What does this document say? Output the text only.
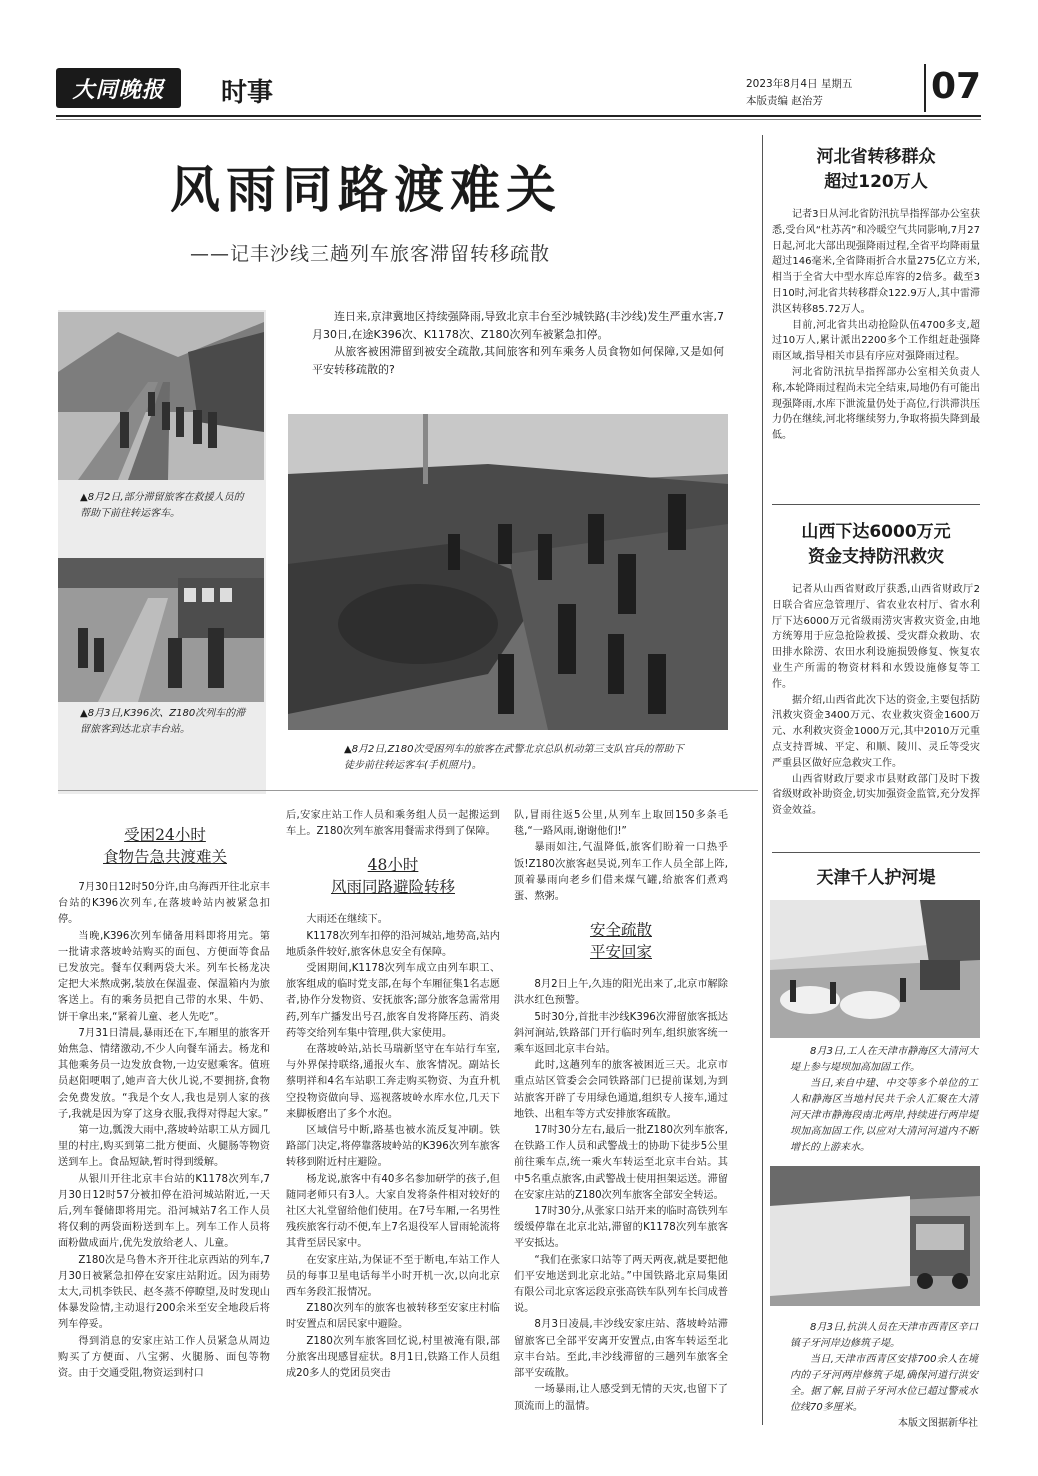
大同晚报 时事	2023年8月4日 星期五
本版责编 赵治芳	07
风雨同路渡难关
——记丰沙线三趟列车旅客滞留转移疏散

连日来,京津冀地区持续强降雨,导致北京丰台至沙城铁路(丰沙线)发生严重水害,7月30日,在途K396次、K1178次、Z180次列车被紧急扣停。

从旅客被困滞留到被安全疏散,其间旅客和列车乘务人员食物如何保障,又是如何平安转移疏散的?

▲8月2日,部分滞留旅客在救援人员的帮助下前往转运客车。
▲8月3日,K396次、Z180次列车的滞留旅客到达北京丰台站。
▲8月2日,Z180次受困列车的旅客在武警北京总队机动第三支队官兵的帮助下徒步前往转运客车(手机照片)。
受困24小时
食物告急共渡难关

7月30日12时50分许,由乌海西开往北京丰台站的K396次列车,在落坡岭站内被紧急扣停。

当晚,K396次列车储备用料即将用完。第一批请求落坡岭站购买的面包、方便面等食品已发放完。餐车仅剩两袋大米。列车长杨龙决定把大米熬成粥,装放在保温壶、保温箱内为旅客送上。有的乘务员把自己带的水果、牛奶、饼干拿出来,“紧着儿童、老人先吃”。

7月31日清晨,暴雨还在下,车厢里的旅客开始焦急、情绪激动,不少人向餐车涌去。杨龙和其他乘务员一边发放食物,一边安慰乘客。值班员赵阳哽咽了,她声音大伙儿说,不要拥挤,食物会免费发放。“我是个女人,我也是别人家的孩子,我就是因为穿了这身衣服,我得对得起大家。”

第一边,瓢泼大雨中,落坡岭站职工从方圆几里的村庄,购买到第二批方便面、火腿肠等物资送到车上。食品短缺,暂时得到缓解。

从银川开往北京丰台站的K1178次列车,7月30日12时57分被扣停在沿河城站附近,一天后,列车餐储即将用完。沿河城站7名工作人员将仅剩的两袋面粉送到车上。列车工作人员将面粉做成面片,优先发放给老人、儿童。

Z180次是乌鲁木齐开往北京西站的列车,7月30日被紧急扣停在安家庄站附近。因为雨势太大,司机李铁民、赵冬蒸不停瞭望,及时发现山体暴发险情,主动退行200余米至安全地段后将列车停妥。

得到消息的安家庄站工作人员紧急从周边购买了方便面、八宝粥、火腿肠、面包等物资。由于交通受阻,物资运到村口

后,安家庄站工作人员和乘务组人员一起搬运到车上。Z180次列车旅客用餐需求得到了保障。

48小时
风雨同路避险转移

大雨还在继续下。

K1178次列车扣停的沿河城站,地势高,站内地质条件较好,旅客休息安全有保障。

受困期间,K1178次列车成立由列车职工、旅客组成的临时党支部,在每个车厢征集1名志愿者,协作分发物资、安抚旅客;部分旅客急需常用药,列车广播发出号召,旅客自发将降压药、消炎药等交给列车集中管理,供大家使用。

在落坡岭站,站长马瑞新坚守在车站行车室,与外界保持联络,通报火车、旅客情况。副站长蔡明祥和4名车站职工奔走购买物资、为直升机空投物资做向导、巡视落坡岭水库水位,几天下来脚板磨出了多个水泡。

区域信号中断,路基也被水流反复冲刷。铁路部门决定,将停靠落坡岭站的K396次列车旅客转移到附近村庄避险。

杨龙说,旅客中有40多名参加研学的孩子,但随同老师只有3人。大家自发将条件相对较好的社区大礼堂留给他们使用。在7号车厢,一名男性残疾旅客行动不便,车上7名退役军人冒雨轮流将其背至居民家中。

在安家庄站,为保证不至于断电,车站工作人员的每事卫星电话每半小时开机一次,以向北京西车务段汇报情况。

Z180次列车的旅客也被转移至安家庄村临时安置点和居民家中避险。

Z180次列车旅客回忆说,村里被淹有限,部分旅客出现感冒症状。8月1日,铁路工作人员组成20多人的党团员突击

队,冒雨往返5公里,从列车上取回150多条毛毯,“一路风雨,谢谢他们!”

暴雨如注,气温降低,旅客们盼着一口热乎饭!Z180次旅客赵昊说,列车工作人员全部上阵,顶着暴雨向老乡们借来煤气罐,给旅客们煮鸡蛋、熬粥。

安全疏散
平安回家

8月2日上午,久违的阳光出来了,北京市解除洪水红色预警。

5时30分,首批丰沙线K396次滞留旅客抵达斜河涧站,铁路部门开行临时列车,组织旅客统一乘车返回北京丰台站。

此时,这趟列车的旅客被困近三天。北京市重点站区管委会会同铁路部门已提前谋划,为到站旅客开辟了专用绿色通道,组织专人接车,通过地铁、出租车等方式安排旅客疏散。

17时30分左右,最后一批Z180次列车旅客,在铁路工作人员和武警战士的协助下徒步5公里前往乘车点,统一乘火车转运至北京丰台站。其中5名重点旅客,由武警战士使用担架运送。滞留在安家庄站的Z180次列车旅客全部安全转运。

17时30分,从张家口站开来的临时高铁列车缓缓停靠在北京北站,滞留的K1178次列车旅客平安抵达。

“我们在张家口站等了两天两夜,就是要把他们平安地送到北京北站。”中国铁路北京局集团有限公司北京客运段京张高铁车队列车长闫成普说。

8月3日凌晨,丰沙线安家庄站、落坡岭站滞留旅客已全部平安离开安置点,由客车转运至北京丰台站。至此,丰沙线滞留的三趟列车旅客全部平安疏散。

一场暴雨,让人感受到无情的天灾,也留下了顶流而上的温情。

河北省转移群众
超过120万人

记者3日从河北省防汛抗旱指挥部办公室获悉,受台风“杜苏芮”和冷暖空气共同影响,7月27日起,河北大部出现强降雨过程,全省平均降雨量超过146毫米,全省降雨折合水量275亿立方米,相当于全省大中型水库总库容的2倍多。截至3日10时,河北省共转移群众122.9万人,其中雷滞洪区转移85.72万人。

目前,河北省共出动抢险队伍4700多支,超过10万人,累计派出2200多个工作组赶赴强降雨区域,指导相关市县有序应对强降雨过程。

河北省防汛抗旱指挥部办公室相关负责人称,本轮降雨过程尚未完全结束,局地仍有可能出现强降雨,水库下泄流量仍处于高位,行洪滞洪压力仍在继续,河北将继续努力,争取将损失降到最低。

山西下达6000万元
资金支持防汛救灾

记者从山西省财政厅获悉,山西省财政厅2日联合省应急管理厅、省农业农村厅、省水利厅下达6000万元省级雨涝灾害救灾资金,由地方统筹用于应急抢险救援、受灾群众救助、农田排水除涝、农田水利设施损毁修复、恢复农业生产所需的物资材料和水毁设施修复等工作。

据介绍,山西省此次下达的资金,主要包括防汛救灾资金3400万元、农业救灾资金1600万元、水利救灾资金1000万元,其中2010万元重点支持晋城、平定、和顺、陵川、灵丘等受灾严重县区做好应急救灾工作。

山西省财政厅要求市县财政部门及时下拨省级财政补助资金,切实加强资金监管,充分发挥资金效益。

天津千人护河堤
8月3日,工人在天津市静海区大清河大堤上参与堤坝加高加固工作。
当日,来自中建、中交等多个单位的工人和静海区当地村民共千余人汇聚在大清河天津市静海段南北两岸,持续进行两岸堤坝加高加固工作,以应对大清河河道内不断增长的上游来水。
8月3日,抗洪人员在天津市西青区辛口镇子牙河岸边修筑子堤。
当日,天津市西青区安排700余人在境内的子牙河两岸修筑子堤,确保河道行洪安全。据了解,目前子牙河水位已超过警戒水位线70多厘米。
本版文图据新华社
